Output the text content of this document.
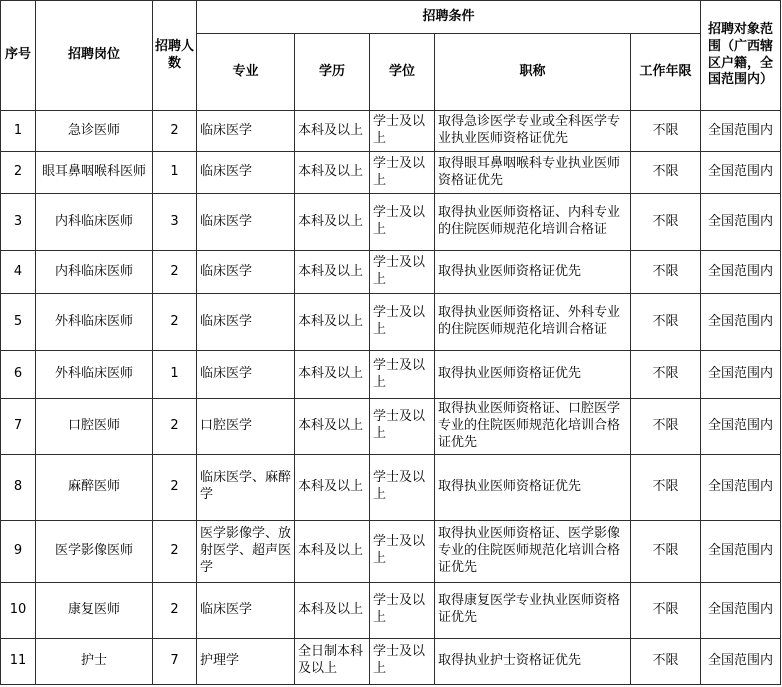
序号	招聘岗位	招聘人数	招聘条件					招聘对象范围（广西辖区户籍，全国范围内）
			专业	学历	学位	职称	工作年限	
1	急诊医师	2	临床医学	本科及以上	学士及以上	取得急诊医学专业或全科医学专业执业医师资格证优先	不限	全国范围内
2	眼耳鼻咽喉科医师	1	临床医学	本科及以上	学士及以上	取得眼耳鼻咽喉科专业执业医师资格证优先	不限	全国范围内
3	内科临床医师	3	临床医学	本科及以上	学士及以上	取得执业医师资格证、内科专业的住院医师规范化培训合格证	不限	全国范围内
4	内科临床医师	2	临床医学	本科及以上	学士及以上	取得执业医师资格证优先	不限	全国范围内
5	外科临床医师	2	临床医学	本科及以上	学士及以上	取得执业医师资格证、外科专业的住院医师规范化培训合格证	不限	全国范围内
6	外科临床医师	1	临床医学	本科及以上	学士及以上	取得执业医师资格证优先	不限	全国范围内
7	口腔医师	2	口腔医学	本科及以上	学士及以上	取得执业医师资格证、口腔医学专业的住院医师规范化培训合格证优先	不限	全国范围内
8	麻醉医师	2	临床医学、麻醉学	本科及以上	学士及以上	取得执业医师资格证优先	不限	全国范围内
9	医学影像医师	2	医学影像学、放射医学、超声医学	本科及以上	学士及以上	取得执业医师资格证、医学影像专业的住院医师规范化培训合格证优先	不限	全国范围内
10	康复医师	2	临床医学	本科及以上	学士及以上	取得康复医学专业执业医师资格证优先	不限	全国范围内
11	护士	7	护理学	全日制本科及以上	学士及以上	取得执业护士资格证优先	不限	全国范围内
